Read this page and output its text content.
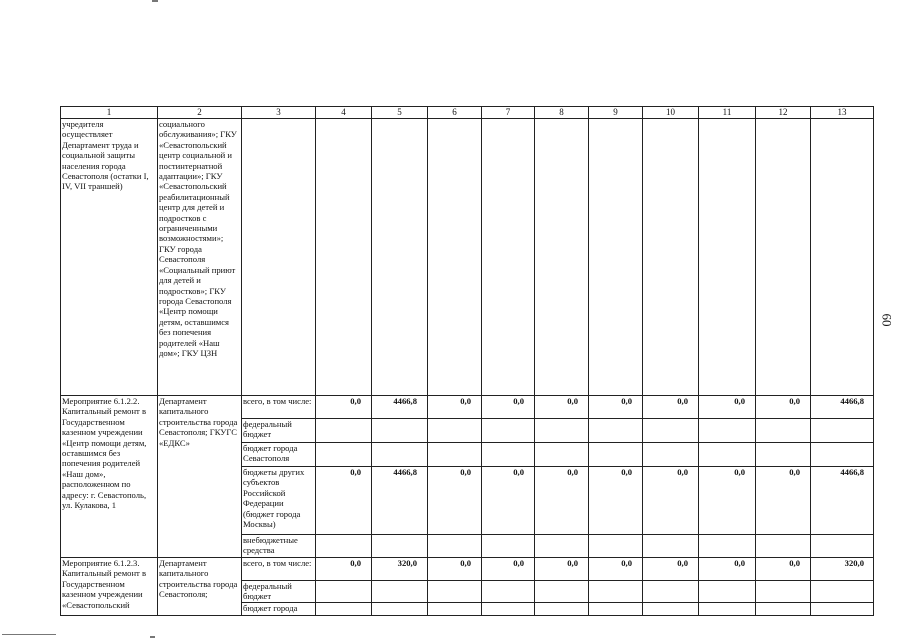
60
1	2	3	4	5	6	7	8	9	10	11	12	13
учредителя осуществляет Департамент труда и социальной защиты населения города Севастополя (остатки I, IV, VII траншей)	социального обслуживания»; ГКУ «Севастопольский центр социальной и постинтернатной адаптации»; ГКУ «Севастопольский реабилитационный центр для детей и подростков с ограниченными возможностями»; ГКУ города Севастополя «Социальный приют для детей и подростков»; ГКУ города Севастополя «Центр помощи детям, оставшимся без попечения родителей «Наш дом»; ГКУ ЦЗН											
Мероприятие 6.1.2.2. Капитальный ремонт в Государственном казенном учреждении «Центр помощи детям, оставшимся без попечения родителей «Наш дом», расположенном по адресу: г. Севастополь, ул. Кулакова, 1	Департамент капитального строительства города Севастополя; ГКУГС «ЕДКС»	всего, в том числе:	0,0	4466,8	0,0	0,0	0,0	0,0	0,0	0,0	0,0	4466,8
		федеральный бюджет										
		бюджет города Севастополя										
		бюджеты других субъектов Российской Федерации (бюджет города Москвы)	0,0	4466,8	0,0	0,0	0,0	0,0	0,0	0,0	0,0	4466,8
		внебюджетные средства										
Мероприятие 6.1.2.3. Капитальный ремонт в Государственном казенном учреждении «Севастопольский	Департамент капитального строительства города Севастополя;	всего, в том числе:	0,0	320,0	0,0	0,0	0,0	0,0	0,0	0,0	0,0	320,0
		федеральный бюджет										
		бюджет города										
